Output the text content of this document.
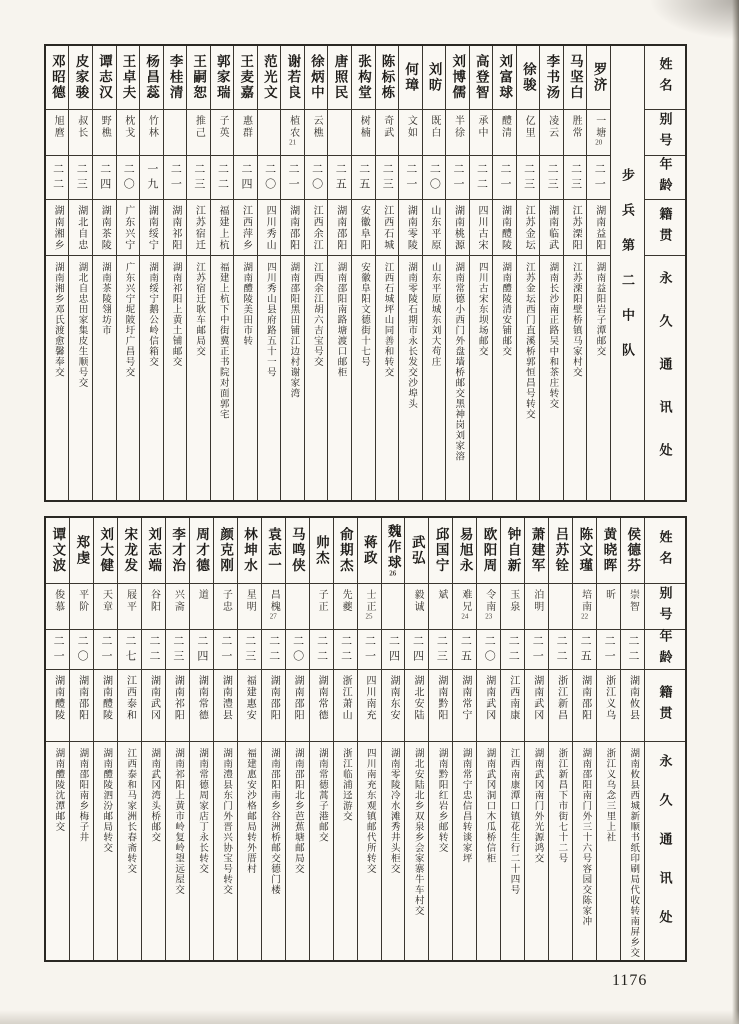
罗济
一塘20
二一
湖南益阳
湖南益阳岩子潭邮交
马坚白
胜常
二三
江苏溧阳
江苏溧阳壁桥镇马家村交
李书汤
凌云
二三
湖南临武
湖南长沙南正路吴中和茶庄转交
徐骏
亿里
二三
江苏金坛
江苏金坛西门直溪桥郭恒昌号转交
刘富球
醴清
二一
湖南醴陵
湖南醴陵清安铺邮交
高登智
承中
二二
四川古宋
四川古宋东坝场邮交
刘博儒
半徐
二一
湖南桃源
湖南常德小西门外盘墙桥邮交黑神岗刘家溶
刘昉
既白
二〇
山东平原
山东平原城东刘大苟庄
何璋
文如
二一
湖南零陵
湖南零陵石期市永长发交沙埠头
陈标栋
奇武
二三
江西石城
江西石城坪山同善和转交
张构堂
树楠
二五
安徽阜阳
安徽阜阳文德街十七号
唐照民
二五
湖南邵阳
湖南邵阳南路塘渡口邮柜
徐炳中
云樵
二〇
江西余江
江西余江胡六吉宝号交
谢若良
植农21
二一
湖南邵阳
湖南邵阳黑田铺江边村谢家湾
范光文
二〇
四川秀山
四川秀山县府路五十一号
王麦嘉
惠群
二四
江西萍乡
湖南醴陵美田市转
郭家瑞
子英
二二
福建上杭
福建上杭下中街冀正书院对面郭宅
王嗣恕
推己
二三
江苏宿迁
江苏宿迁耿车邮局交
李桂清
二一
湖南祁阳
湖南祁阳上黄土铺邮交
杨昌蕊
竹林
一九
湖南绥宁
湖南绥宁鹅公岭信箱交
王卓夫
枕戈
二〇
广东兴宁
广东兴宁坭陂圩广昌号交
谭志汉
野樵
二四
湖南茶陵
湖南茶陵翎坊市
皮家骏
叔长
二三
湖北自忠
湖北自忠田家集皮生顺号交
邓昭德
旭麿
二二
湖南湘乡
湖南湘乡邓氏渡愈馨奉交	步兵第二中队
姓名
别号
年龄
籍贯
永久通讯处
侯德芬
崇智
二二
湖南攸县
湖南攸县西城新顺书纸印刷局代收转南屏乡交
黄晓晖
昕
二一
浙江义乌
浙江义乌念三里上社
陈文瑾
培南22
二五
湖南邵阳
湖南邵阳南门外三十六号容园交陈家冲
吕苏铨
二二
浙江新昌
浙江新昌下市街七十二号
萧建军
泊明
二一
湖南武冈
湖南武冈南门外光源鸿交
钟自新
玉泉
二二
江西南康
江西南康潭口镇花生行二十四号
欧阳周
令南23
二〇
湖南武冈
湖南武冈洞口木瓜桥信柜
易旭永
难兄24
二五
湖南常宁
湖南常宁忠信昌转谈家坪
邱国宁
斌
二三
湖南黔阳
湖南黔阳红岩乡邮转交
武弘
毅诚
二四
湖北安陆
湖北安陆北乡双泉乡会家寨牛车村交
魏作球26
二四
湖南东安
湖南零陵冷水滩秀井头柜交
蒋政
士正25
二一
四川南充
四川南充东观镇邮代所转交
俞期杰
先夔
二二
浙江萧山
浙江临浦迳游交
帅杰
子正
二二
湖南常德
湖南常德蒿子港邮交
马鸣侠
二〇
湖南邵阳
湖南邵阳北乡芭蕉塘邮局交
袁志一
昌槐27
二二
湖南邵阳
湖南邵阳南乡谷洲桥邮交德门楼
林坤水
星明
二三
福建惠安
福建惠安沙格邮局转外厝村
颜克刚
子忠
二一
湖南澧县
湖南澧县东门外晋兴协宝号转交
周才德
道
二四
湖南常德
湖南常德周家店丁永长转交
李才治
兴斋
二三
湖南祁阳
湖南祁阳上黄市岭复岭望远屋交
刘志端
谷阳
二二
湖南武冈
湖南武冈湾头桥邮交
宋龙发
屐平
二七
江西泰和
江西泰和马家洲长春斋转交
刘大健
天章
二一
湖南醴陵
湖南醴陵泗汾邮局转交
郑虔
平阶
二〇
湖南邵阳
湖南邵阳南乡梅子井
谭文波
俊慕
二一
湖南醴陵
湖南醴陵沈潭邮交
姓名
别号
年龄
籍贯
永久通讯处
1176
